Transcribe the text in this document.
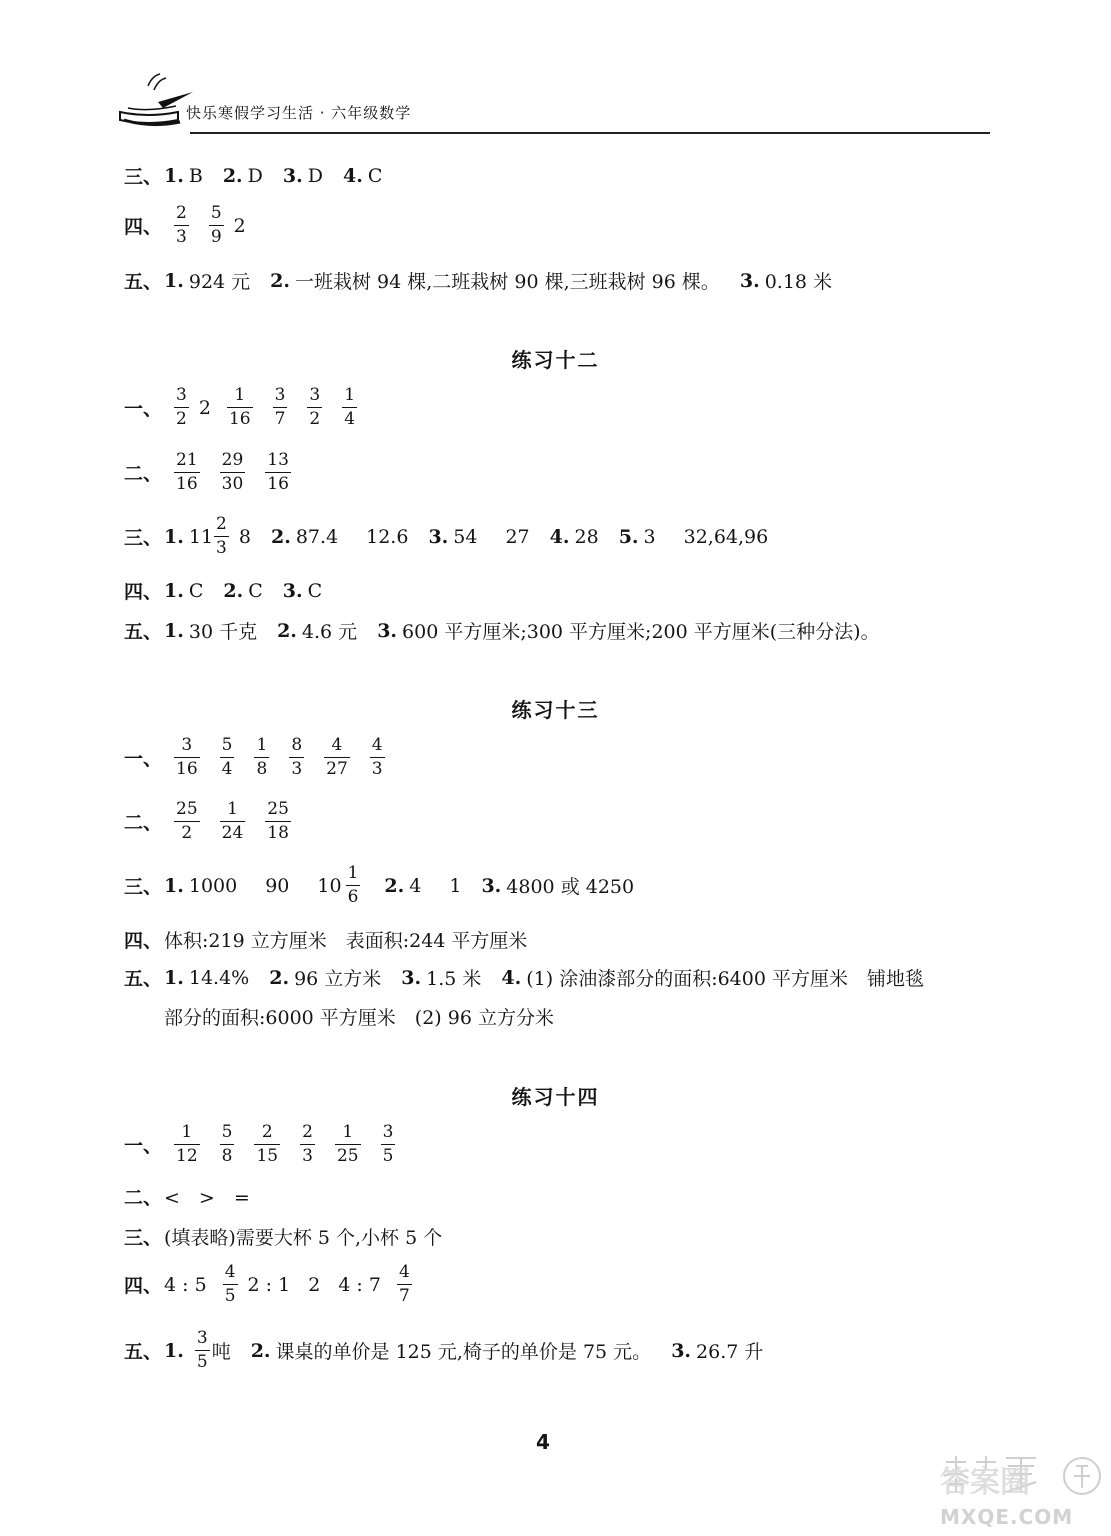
快乐寒假学习生活 · 六年级数学
三、 1. B 2. D 3. D 4. C
四、 $\frac{2}{3} \frac{5}{9} 2$
五、 1. 924 元 2. 一班栽树 94 棵,二班栽树 90 棵,三班栽树 96 棵。 3. 0.18 米
练习十二
一、 $\frac{3}{2} 2 \frac{1}{16} \frac{3}{7} \frac{3}{2} \frac{1}{4}$
二、 $\frac{21}{16} \frac{29}{30} \frac{13}{16}$
三、 1. $11 \frac{2}{3} 8$ 2. 87.4 12.6 3. 54 27 4. 28 5. 3 32,64,96
四、 1. C 2. C 3. C
五、 1. 30 千克 2. 4.6 元 3. 600 平方厘米;300 平方厘米;200 平方厘米(三种分法)。
练习十三
一、 $\frac{3}{16} \frac{5}{4} \frac{1}{8} \frac{8}{3} \frac{4}{27} \frac{4}{3}$
二、 $\frac{25}{2} \frac{1}{24} \frac{25}{18}$
三、 1. 1000 90 $10 \frac{1}{6} 2$. 4 1 3. 4800 或 4250
四、 体积:219 立方厘米　表面积:244 平方厘米
五、 1. 14.4% 2. 96 立方米 3. 1.5 米 4. (1) 涂油漆部分的面积:6400 平方厘米　铺地毯
部分的面积:6000 平方厘米　(2) 96 立方分米
练习十四
一、 $\frac{1}{12} \frac{5}{8} \frac{2}{15} \frac{2}{3} \frac{1}{25} \frac{3}{5}$
二、 <　>　=
三、 (填表略)需要大杯 5 个,小杯 5 个
四、 4 : $5 \frac{4}{5} 2$ : 1 2 4 : $7 \frac{4}{7}$
五、 1. $\frac{3}{5}$ 吨 2. 课桌的单价是 125 元,椅子的单价是 75 元。 3. 26.7 升
4
MXQE.COM
答案圈
